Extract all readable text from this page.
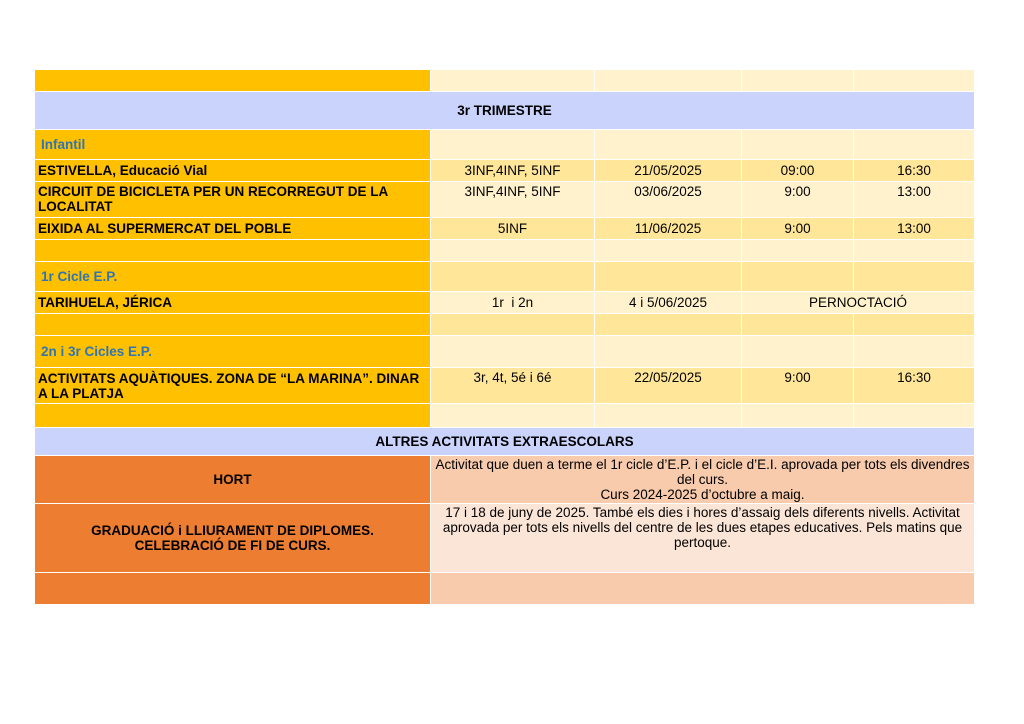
3r TRIMESTRE				
Infantil				
ESTIVELLA, Educació Vial	3INF,4INF, 5INF	21/05/2025	09:00	16:30
CIRCUIT DE BICICLETA PER UN RECORREGUT DE LA LOCALITAT	3INF,4INF, 5INF	03/06/2025	9:00	13:00
EIXIDA AL SUPERMERCAT DEL POBLE	5INF	11/06/2025	9:00	13:00

1r Cicle E.P.				
TARIHUELA, JÉRICA	1r  i 2n	4 i 5/06/2025	PERNOCTACIÓ	

2n i 3r Cicles E.P.				
ACTIVITATS AQUÀTIQUES. ZONA DE “LA MARINA”. DINAR A LA PLATJA	3r, 4t, 5é i 6é	22/05/2025	9:00	16:30

ALTRES ACTIVITATS EXTRAESCOLARS				
HORT	Activitat que duen a terme el 1r cicle d’E.P. i el cicle d’E.I. aprovada per tots els divendres del curs.
Curs 2024-2025 d’octubre a maig.			

GRADUACIÓ i LLIURAMENT DE DIPLOMES. CELEBRACIÓ DE FI DE CURS.	17 i 18 de juny de 2025. També els dies i hores d’assaig dels diferents nivells. Activitat aprovada per tots els nivells del centre de les dues etapes educatives. Pels matins que pertoque.			
